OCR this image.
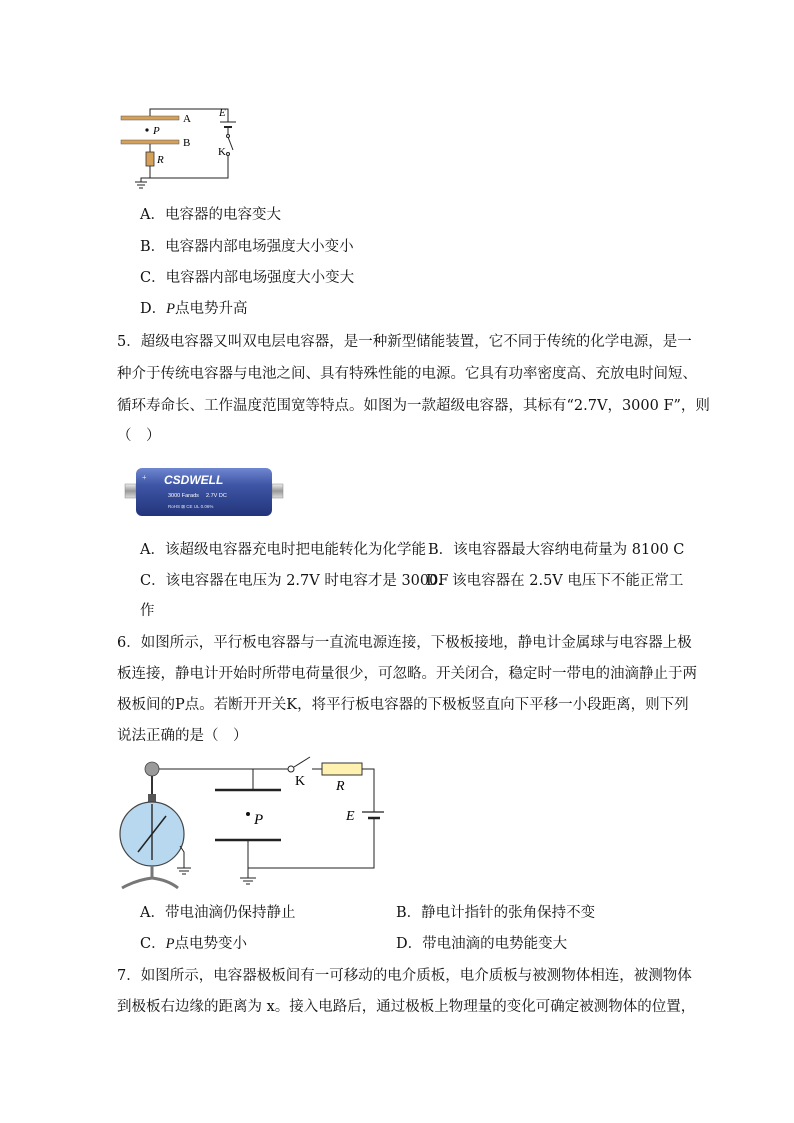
A
B
P
E
K
R
A．电容器的电容变大
B．电容器内部电场强度大小变小
C．电容器内部电场强度大小变大
D．P点电势升高
5．超级电容器又叫双电层电容器，是一种新型储能装置，它不同于传统的化学电源，是一
种介于传统电容器与电池之间、具有特殊性能的电源。它具有功率密度高、充放电时间短、
循环寿命长、工作温度范围宽等特点。如图为一款超级电容器，其标有“2.7V，3000 F”，则
（　）
+ CSDWELL
3000 Farads 2.7V DC
RoHS ⊠ CE UL 0.06%
A．该超级电容器充电时把电能转化为化学能 B．该电容器最大容纳电荷量为 8100 C
C．该电容器在电压为 2.7V 时电容才是 3000F
D．该电容器在 2.5V 电压下不能正常工
作
6．如图所示，平行板电容器与一直流电源连接，下极板接地，静电计金属球与电容器上极
板连接，静电计开始时所带电荷量很少，可忽略。开关闭合，稳定时一带电的油滴静止于两
极板间的P点。若断开开关K，将平行板电容器的下极板竖直向下平移一小段距离，则下列
说法正确的是（　）
K R
E
P
A．带电油滴仍保持静止	B．静电计指针的张角保持不变
C．P点电势变小	D．带电油滴的电势能变大
7．如图所示，电容器极板间有一可移动的电介质板，电介质板与被测物体相连，被测物体
到极板右边缘的距离为 x。接入电路后，通过极板上物理量的变化可确定被测物体的位置，
